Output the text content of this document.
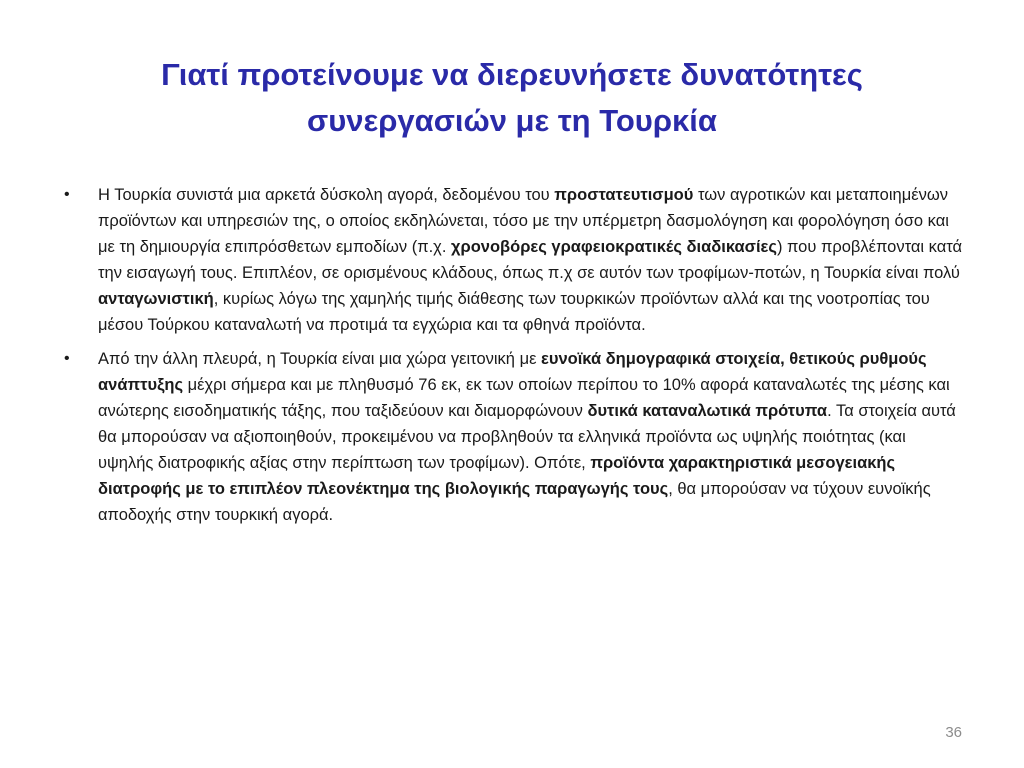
Γιατί προτείνουμε να διερευνήσετε δυνατότητες
συνεργασιών με τη Τουρκία
• Η Τουρκία συνιστά μια αρκετά δύσκολη αγορά, δεδομένου του προστατευτισμού των αγροτικών και μεταποιημένων προϊόντων και υπηρεσιών της, ο οποίος εκδηλώνεται, τόσο με την υπέρμετρη δασμολόγηση και φορολόγηση όσο και με τη δημιουργία επιπρόσθετων εμποδίων (π.χ. χρονοβόρες γραφειοκρατικές διαδικασίες) που προβλέπονται κατά την εισαγωγή τους. Επιπλέον, σε ορισμένους κλάδους, όπως π.χ σε αυτόν των τροφίμων-ποτών, η Τουρκία είναι πολύ ανταγωνιστική, κυρίως λόγω της χαμηλής τιμής διάθεσης των τουρκικών προϊόντων αλλά και της νοοτροπίας του μέσου Τούρκου καταναλωτή να προτιμά τα εγχώρια και τα φθηνά προϊόντα.
• Από την άλλη πλευρά, η Τουρκία είναι μια χώρα γειτονική με ευνοϊκά δημογραφικά στοιχεία, θετικούς ρυθμούς ανάπτυξης μέχρι σήμερα και με πληθυσμό 76 εκ, εκ των οποίων περίπου το 10% αφορά καταναλωτές της μέσης και ανώτερης εισοδηματικής τάξης, που ταξιδεύουν και διαμορφώνουν δυτικά καταναλωτικά πρότυπα. Τα στοιχεία αυτά θα μπορούσαν να αξιοποιηθούν, προκειμένου να προβληθούν τα ελληνικά προϊόντα ως υψηλής ποιότητας (και υψηλής διατροφικής αξίας στην περίπτωση των τροφίμων). Οπότε, προϊόντα χαρακτηριστικά μεσογειακής διατροφής με το επιπλέον πλεονέκτημα της βιολογικής παραγωγής τους, θα μπορούσαν να τύχουν ευνοϊκής αποδοχής στην τουρκική αγορά.
36
